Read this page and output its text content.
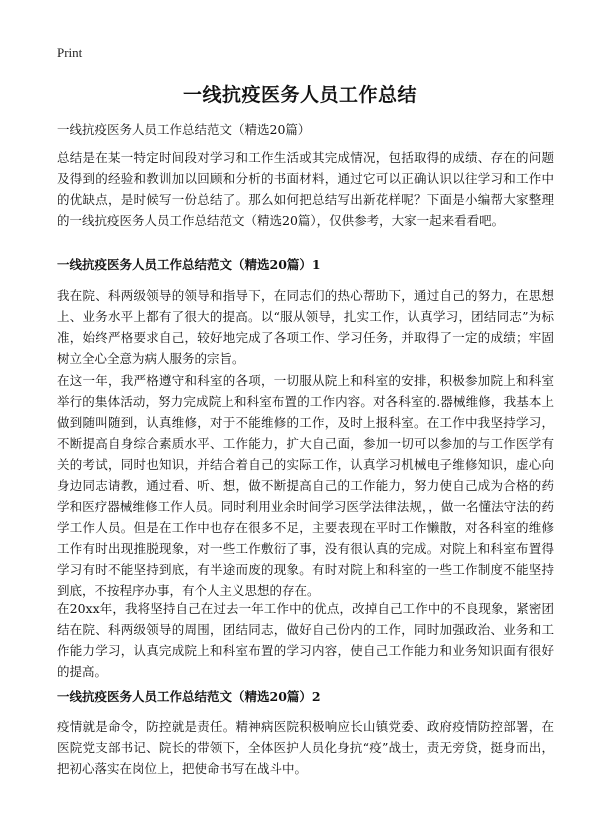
Print
一线抗疫医务人员工作总结
一线抗疫医务人员工作总结范文（精选20篇）
总结是在某一特定时间段对学习和工作生活或其完成情况，包括取得的成绩、存在的问题及得到的经验和教训加以回顾和分析的书面材料，通过它可以正确认识以往学习和工作中的优缺点，是时候写一份总结了。那么如何把总结写出新花样呢？下面是小编帮大家整理的一线抗疫医务人员工作总结范文（精选20篇），仅供参考，大家一起来看看吧。
一线抗疫医务人员工作总结范文（精选20篇）1
我在院、科两级领导的领导和指导下，在同志们的热心帮助下，通过自己的努力，在思想上、业务水平上都有了很大的提高。以“服从领导，扎实工作，认真学习，团结同志”为标准，始终严格要求自己，较好地完成了各项工作、学习任务，并取得了一定的成绩；牢固树立全心全意为病人服务的宗旨。
在这一年，我严格遵守和科室的各项，一切服从院上和科室的安排，积极参加院上和科室举行的集体活动，努力完成院上和科室布置的工作内容。对各科室的.器械维修，我基本上做到随叫随到，认真维修，对于不能维修的工作，及时上报科室。在工作中我坚持学习，不断提高自身综合素质水平、工作能力，扩大自己面，参加一切可以参加的与工作医学有关的考试，同时也知识，并结合着自己的实际工作，认真学习机械电子维修知识，虚心向身边同志请教，通过看、听、想，做不断提高自己的工作能力，努力使自己成为合格的药学和医疗器械维修工作人员。同时利用业余时间学习医学法律法规，，做一名懂法守法的药学工作人员。但是在工作中也存在很多不足，主要表现在平时工作懒散，对各科室的维修工作有时出现推脱现象，对一些工作敷衍了事，没有很认真的完成。对院上和科室布置得学习有时不能坚持到底，有半途而废的现象。有时对院上和科室的一些工作制度不能坚持到底，不按程序办事，有个人主义思想的存在。
在20xx年，我将坚持自己在过去一年工作中的优点，改掉自己工作中的不良现象，紧密团结在院、科两级领导的周围，团结同志，做好自己份内的工作，同时加强政治、业务和工作能力学习，认真完成院上和科室布置的学习内容，使自己工作能力和业务知识面有很好的提高。
一线抗疫医务人员工作总结范文（精选20篇）2
疫情就是命令，防控就是责任。精神病医院积极响应长山镇党委、政府疫情防控部署，在医院党支部书记、院长的带领下，全体医护人员化身抗“疫”战士，责无旁贷，挺身而出，把初心落实在岗位上，把使命书写在战斗中。
